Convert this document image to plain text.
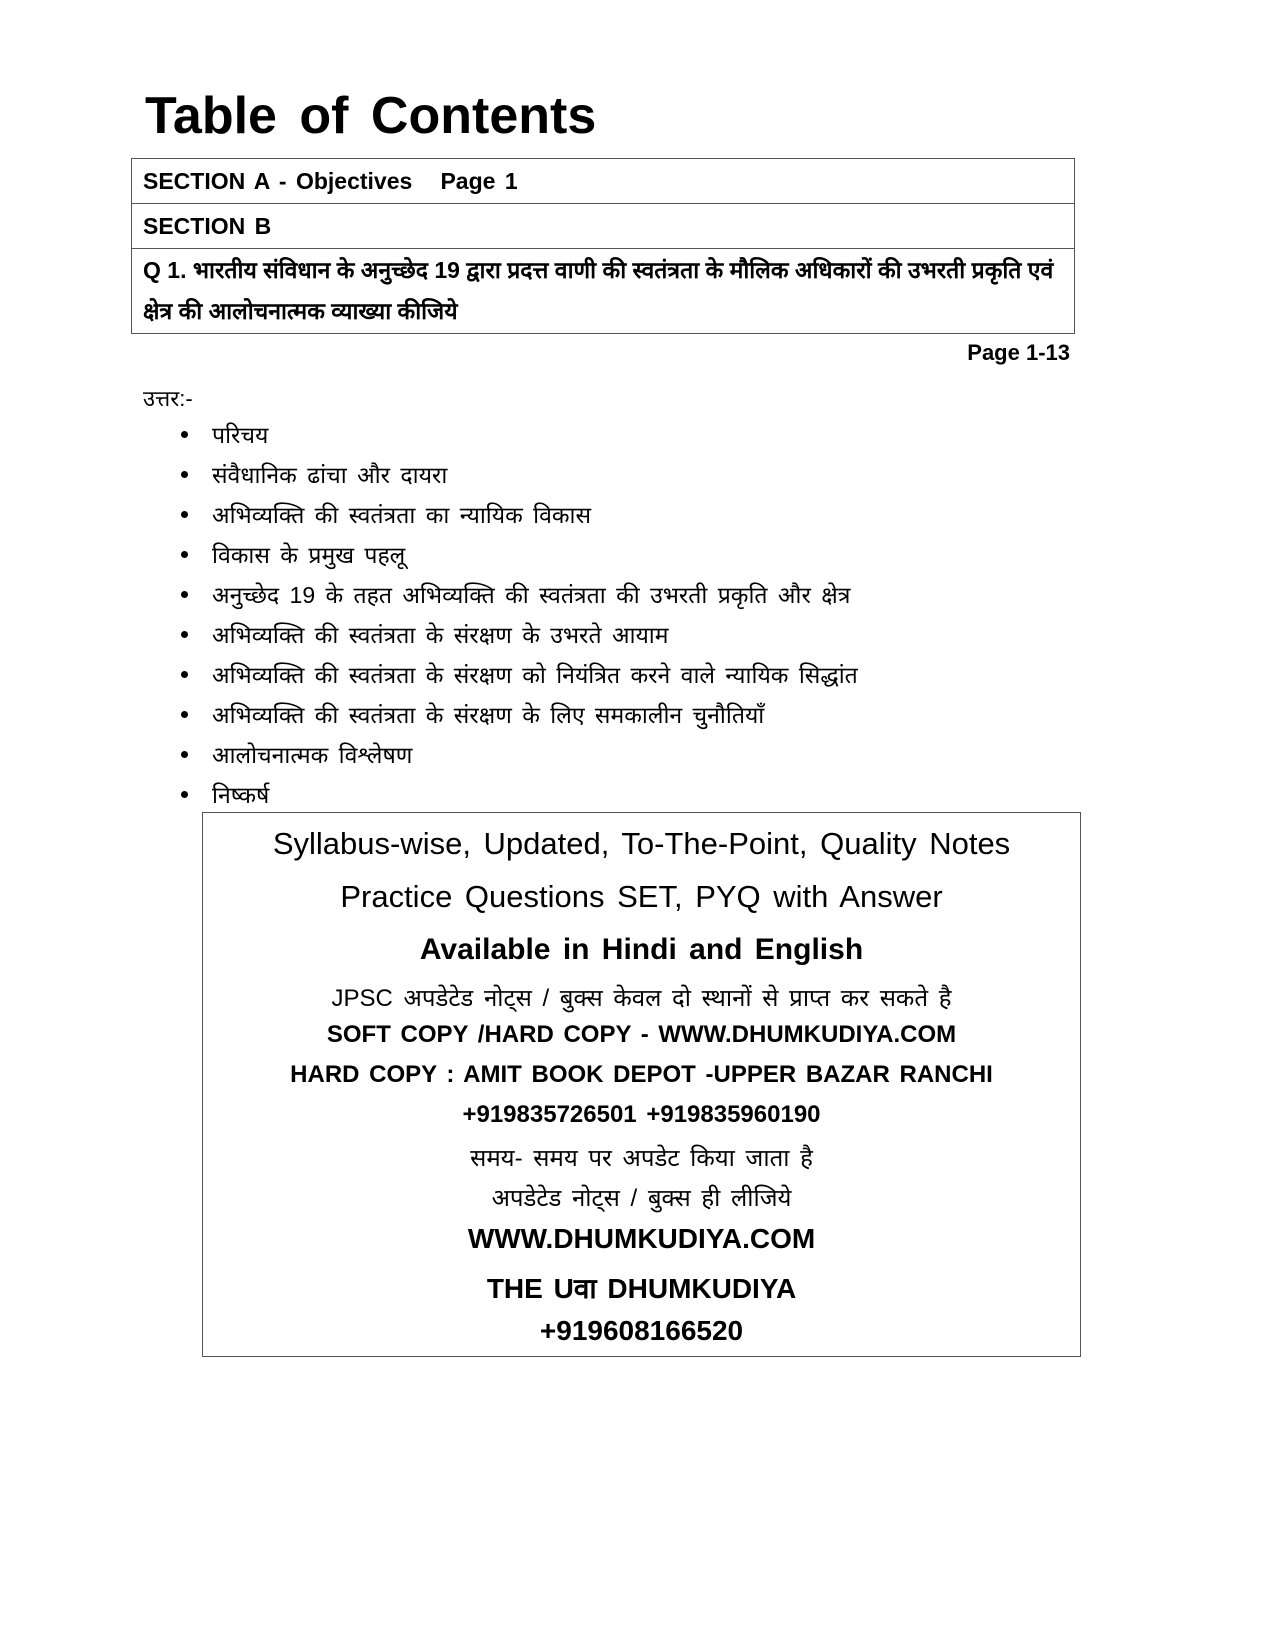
Table of Contents
SECTION A - Objectives   Page 1
SECTION B
Q 1. भारतीय संविधान के अनुच्छेद 19 द्वारा प्रदत्त वाणी की स्वतंत्रता के मौलिक अधिकारों की उभरती प्रकृति एवं क्षेत्र की आलोचनात्मक व्याख्या कीजिये
Page 1-13
उत्तर:-
परिचय
संवैधानिक ढांचा और दायरा
अभिव्यक्ति की स्वतंत्रता का न्यायिक विकास
विकास के प्रमुख पहलू
अनुच्छेद 19 के तहत अभिव्यक्ति की स्वतंत्रता की उभरती प्रकृति और क्षेत्र
अभिव्यक्ति की स्वतंत्रता के संरक्षण के उभरते आयाम
अभिव्यक्ति की स्वतंत्रता के संरक्षण को नियंत्रित करने वाले न्यायिक सिद्धांत
अभिव्यक्ति की स्वतंत्रता के संरक्षण के लिए समकालीन चुनौतियाँ
आलोचनात्मक विश्लेषण
निष्कर्ष
Syllabus-wise, Updated, To-The-Point, Quality Notes
Practice Questions SET, PYQ with Answer
Available in Hindi and English
JPSC अपडेटेड नोट्स / बुक्स केवल दो स्थानों से प्राप्त कर सकते है
SOFT COPY /HARD COPY - WWW.DHUMKUDIYA.COM
HARD COPY : AMIT BOOK DEPOT -UPPER BAZAR RANCHI
+919835726501 +919835960190
समय- समय पर अपडेट किया जाता है
अपडेटेड नोट्स / बुक्स ही लीजिये
WWW.DHUMKUDIYA.COM
THE Uवा DHUMKUDIYA
+919608166520
